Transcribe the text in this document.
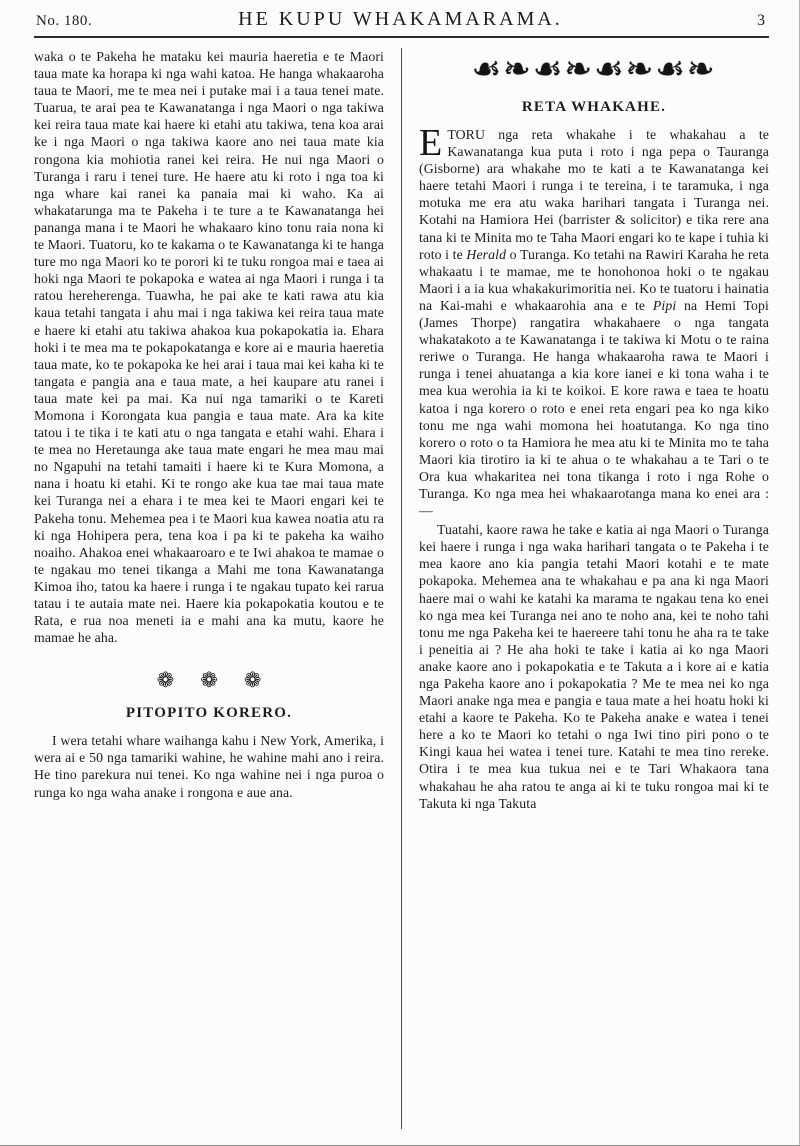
No. 180.	HE KUPU WHAKAMARAMA.	3

waka o te Pakeha he mataku kei mauria haeretia e te Maori taua mate ka horapa ki nga wahi katoa. He hanga whakaaroha taua te Maori, me te mea nei i putake mai i a taua tenei mate. Tuarua, te arai pea te Kawanatanga i nga Maori o nga takiwa kei reira taua mate kai haere ki etahi atu takiwa, tena koa arai ke i nga Maori o nga takiwa kaore ano nei taua mate kia rongona kia mohiotia ranei kei reira. He nui nga Maori o Turanga i raru i tenei ture. He haere atu ki roto i nga toa ki nga whare kai ranei ka panaia mai ki waho. Ka ai whakatarunga ma te Pakeha i te ture a te Kawanatanga hei pananga mana i te Maori he whakaaro kino tonu raia nona ki te Maori. Tuatoru, ko te kakama o te Kawanatanga ki te hanga ture mo nga Maori ko te porori ki te tuku rongoa mai e taea ai hoki nga Maori te pokapoka e watea ai nga Maori i runga i ta ratou hereherenga. Tuawha, he pai ake te kati rawa atu kia kaua tetahi tangata i ahu mai i nga takiwa kei reira taua mate e haere ki etahi atu takiwa ahakoa kua pokapokatia ia. Ehara hoki i te mea ma te pokapokatanga e kore ai e mauria haeretia taua mate, ko te pokapoka ke hei arai i taua mai kei kaha ki te tangata e pangia ana e taua mate, a hei kaupare atu ranei i taua mate kei pa mai. Ka nui nga tamariki o te Kareti Momona i Korongata kua pangia e taua mate. Ara ka kite tatou i te tika i te kati atu o nga tangata e etahi wahi. Ehara i te mea no Heretaunga ake taua mate engari he mea mau mai no Ngapuhi na tetahi tamaiti i haere ki te Kura Momona, a nana i hoatu ki etahi. Ki te rongo ake kua tae mai taua mate kei Turanga nei a ehara i te mea kei te Maori engari kei te Pakeha tonu. Mehemea pea i te Maori kua kawea noatia atu ra ki nga Hohipera pera, tena koa i pa ki te pakeha ka waiho noaiho. Ahakoa enei whakaaroaro e te Iwi ahakoa te mamae o te ngakau mo tenei tikanga a Mahi me tona Kawanatanga Kimoa iho, tatou ka haere i runga i te ngakau tupato kei rarua tatau i te autaia mate nei. Haere kia pokapokatia koutou e te Rata, e rua noa meneti ia e mahi ana ka mutu, kaore he mamae he aha.

❁❁❁
PITOPITO KORERO.

I wera tetahi whare waihanga kahu i New York, Amerika, i wera ai e 50 nga tamariki wahine, he wahine mahi ano i reira. He tino parekura nui tenei. Ko nga wahine nei i nga puroa o runga ko nga waha anake i rongona e aue ana.

☙❧☙❧☙❧☙❧
RETA WHAKAHE.

E TORU nga reta whakahe i te whakahau a te Kawanatanga kua puta i roto i nga pepa o Tauranga (Gisborne) ara whakahe mo te kati a te Kawanatanga kei haere tetahi Maori i runga i te tereina, i te taramuka, i nga motuka me era atu waka harihari tangata i Turanga nei. Kotahi na Hamiora Hei (barrister & solicitor) e tika rere ana tana ki te Minita mo te Taha Maori engari ko te kape i tuhia ki roto i te Herald o Turanga. Ko tetahi na Rawiri Karaha he reta whakaatu i te mamae, me te honohonoa hoki o te ngakau Maori i a ia kua whakakurimoritia nei. Ko te tuatoru i hainatia na Kai-mahi e whakaarohia ana e te Pipi na Hemi Topi (James Thorpe) rangatira whakahaere o nga tangata whakatakoto a te Kawanatanga i te takiwa ki Motu o te raina reriwe o Turanga. He hanga whakaaroha rawa te Maori i runga i tenei ahuatanga a kia kore ianei e ki tona waha i te mea kua werohia ia ki te koikoi. E kore rawa e taea te hoatu katoa i nga korero o roto e enei reta engari pea ko nga kiko tonu me nga wahi momona hei hoatutanga. Ko nga tino korero o roto o ta Hamiora he mea atu ki te Minita mo te taha Maori kia tirotiro ia ki te ahua o te whakahau a te Tari o te Ora kua whakaritea nei tona tikanga i roto i nga Rohe o Turanga. Ko nga mea hei whakaarotanga mana ko enei ara :—

Tuatahi, kaore rawa he take e katia ai nga Maori o Turanga kei haere i runga i nga waka harihari tangata o te Pakeha i te mea kaore ano kia pangia tetahi Maori kotahi e te mate pokapoka. Mehemea ana te whakahau e pa ana ki nga Maori haere mai o wahi ke katahi ka marama te ngakau tena ko enei ko nga mea kei Turanga nei ano te noho ana, kei te noho tahi tonu me nga Pakeha kei te haereere tahi tonu he aha ra te take i peneitia ai ? He aha hoki te take i katia ai ko nga Maori anake kaore ano i pokapokatia e te Takuta a i kore ai e katia nga Pakeha kaore ano i pokapokatia ? Me te mea nei ko nga Maori anake nga mea e pangia e taua mate a hei hoatu hoki ki etahi a kaore te Pakeha. Ko te Pakeha anake e watea i tenei here a ko te Maori ko tetahi o nga Iwi tino piri pono o te Kingi kaua hei watea i tenei ture. Katahi te mea tino rereke. Otira i te mea kua tukua nei e te Tari Whakaora tana whakahau he aha ratou te anga ai ki te tuku rongoa mai ki te Takuta ki nga Takuta
